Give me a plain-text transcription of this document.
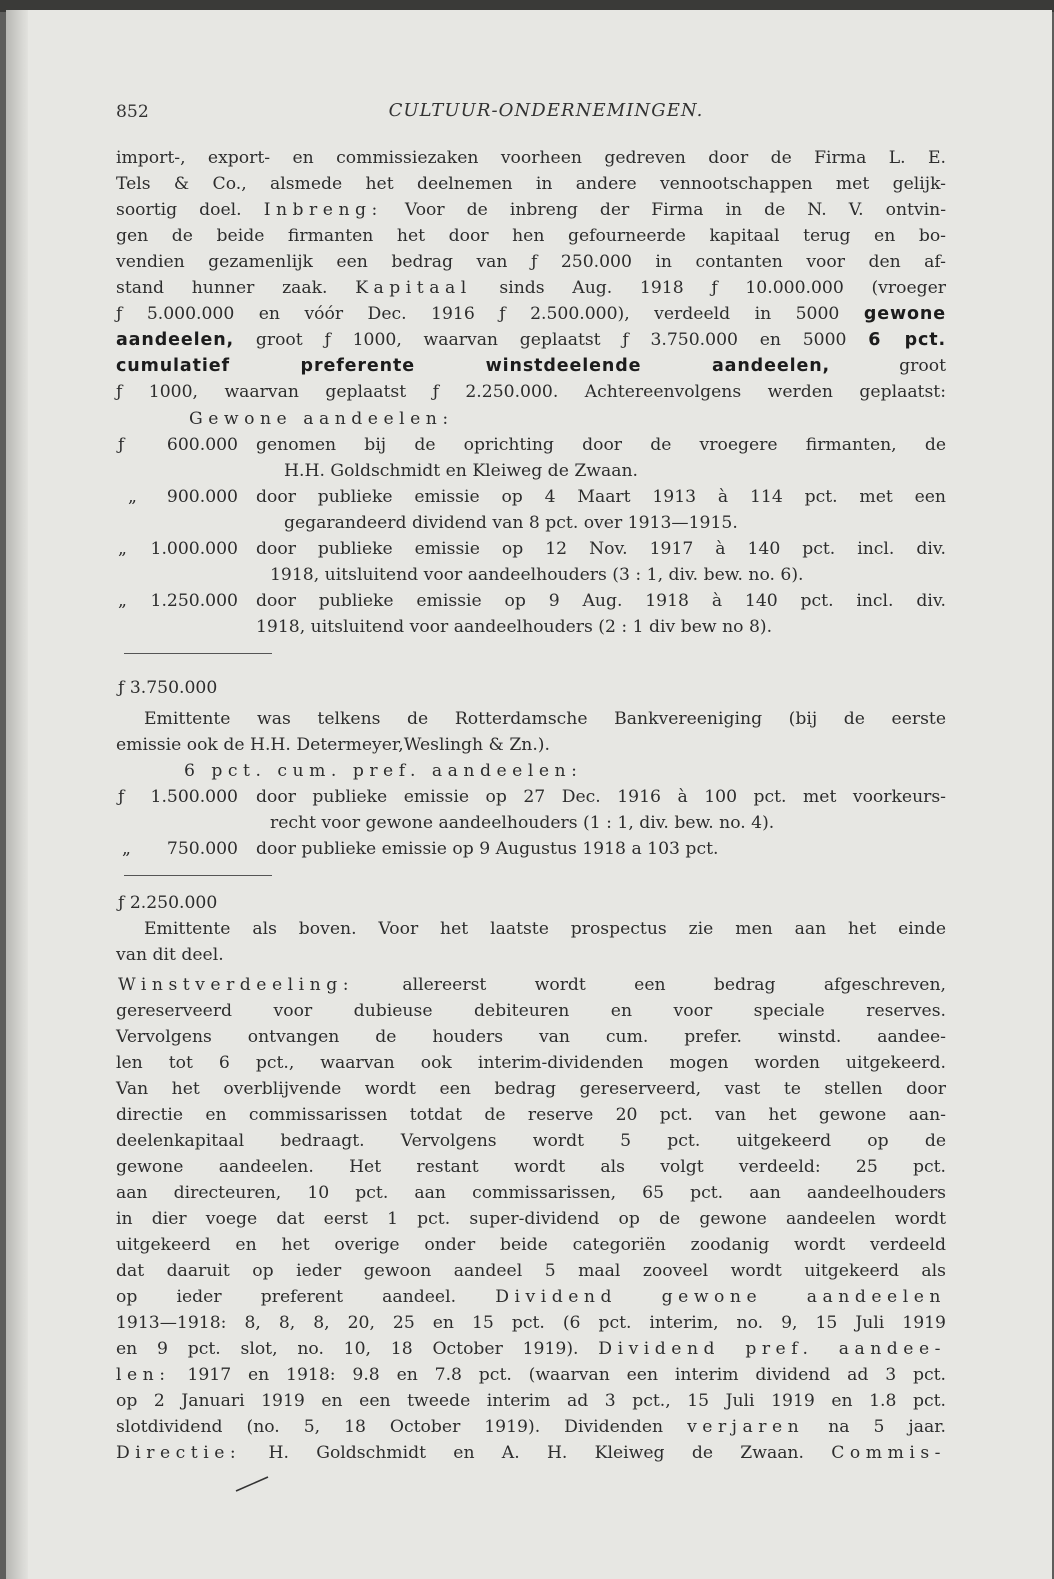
852	CULTUUR-ONDERNEMINGEN.
import-, export- en commissiezaken voorheen gedreven door de Firma L. E.
Tels & Co., alsmede het deelnemen in andere vennootschappen met gelijk-
soortig doel. Inbreng: Voor de inbreng der Firma in de N. V. ontvin-
gen de beide firmanten het door hen gefourneerde kapitaal terug en bo-
vendien gezamenlijk een bedrag van ƒ 250.000 in contanten voor den af-
stand hunner zaak. Kapitaal sinds Aug. 1918 ƒ 10.000.000 (vroeger
ƒ 5.000.000 en vóór Dec. 1916 ƒ 2.500.000), verdeeld in 5000 gewone
aandeelen, groot ƒ 1000, waarvan geplaatst ƒ 3.750.000 en 5000 6 pct.
cumulatief preferente winstdeelende aandeelen,	groot
ƒ 1000, waarvan geplaatst ƒ 2.250.000. Achtereenvolgens werden geplaatst:
Gewone aandeelen:
ƒ	600.000 genomen bij de oprichting door de vroegere firmanten, de
H.H. Goldschmidt en Kleiweg de Zwaan.
„	900.000 door publieke emissie op 4 Maart 1913 à 114 pct. met een
gegarandeerd dividend van 8 pct. over 1913—1915.
„	1.000.000 door publieke emissie op 12 Nov. 1917 à 140 pct. incl. div.
1918, uitsluitend voor aandeelhouders (3 : 1, div. bew. no. 6).
„	1.250.000 door publieke emissie op 9 Aug. 1918 à 140 pct. incl. div.
1918, uitsluitend voor aandeelhouders (2 : 1 div bew no 8).
ƒ 3.750.000
Emittente was telkens de Rotterdamsche Bankvereeniging (bij de eerste
emissie ook de H.H. Determeyer,Weslingh & Zn.).
6 pct. cum. pref. aandeelen:
ƒ	1.500.000 door publieke emissie op 27 Dec. 1916 à 100 pct. met voorkeurs-
recht voor gewone aandeelhouders (1 : 1, div. bew. no. 4).
„	750.000 door publieke emissie op 9 Augustus 1918 a 103 pct.
ƒ 2.250.000
Emittente als boven. Voor het laatste prospectus zie men aan het einde
van dit deel.
Winstverdeeling:	allereerst wordt een bedrag afgeschreven,
gereserveerd voor dubieuse debiteuren en voor speciale reserves.
Vervolgens ontvangen de houders van cum. prefer. winstd. aandee-
len tot 6 pct., waarvan ook interim-dividenden mogen worden uitgekeerd.
Van het overblijvende wordt een bedrag gereserveerd, vast te stellen door
directie en commissarissen totdat de reserve 20 pct. van het gewone aan-
deelenkapitaal bedraagt. Vervolgens wordt 5 pct. uitgekeerd op de
gewone aandeelen. Het restant wordt als volgt verdeeld: 25 pct.
aan directeuren, 10 pct. aan commissarissen, 65 pct. aan aandeelhouders
in dier voege dat eerst 1 pct. super-dividend op de gewone aandeelen wordt
uitgekeerd en het overige onder beide categoriën zoodanig wordt verdeeld
dat daaruit op ieder gewoon aandeel 5 maal zooveel wordt uitgekeerd als
op ieder preferent aandeel. Dividend gewone aandeelen
1913—1918: 8, 8, 8, 20, 25 en 15 pct. (6 pct. interim, no. 9, 15 Juli 1919
en 9 pct. slot, no. 10, 18 October 1919). Dividend pref. aandee-
len: 1917 en 1918: 9.8 en 7.8 pct. (waarvan een interim dividend ad 3 pct.
op 2 Januari 1919 en een tweede interim ad 3 pct., 15 Juli 1919 en 1.8 pct.
slotdividend (no. 5, 18 October 1919). Dividenden verjaren na 5 jaar.
Directie: H. Goldschmidt en A. H. Kleiweg de Zwaan. Commis-
